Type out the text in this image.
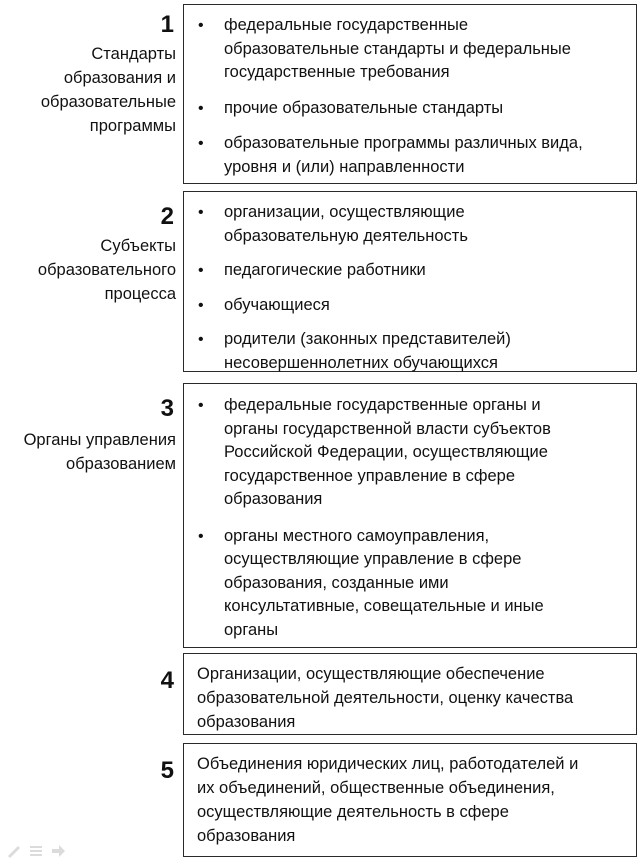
1
Стандарты
образования и
образовательные
программы
• федеральные государственные
образовательные стандарты и федеральные
государственные требования
• прочие образовательные стандарты
• образовательные программы различных вида,
уровня и (или) направленности
2
Субъекты
образовательного
процесса
• организации, осуществляющие
образовательную деятельность
• педагогические работники
• обучающиеся
• родители (законных представителей)
несовершеннолетних обучающихся
3
Органы управления
образованием
• федеральные государственные органы и
органы государственной власти субъектов
Российской Федерации, осуществляющие
государственное управление в сфере
образования
• органы местного самоуправления,
осуществляющие управление в сфере
образования, созданные ими
консультативные, совещательные и иные
органы
4 Организации, осуществляющие обеспечение
образовательной деятельности, оценку качества
образования
5 Объединения юридических лиц, работодателей и
их объединений, общественные объединения,
осуществляющие деятельность в сфере
образования
